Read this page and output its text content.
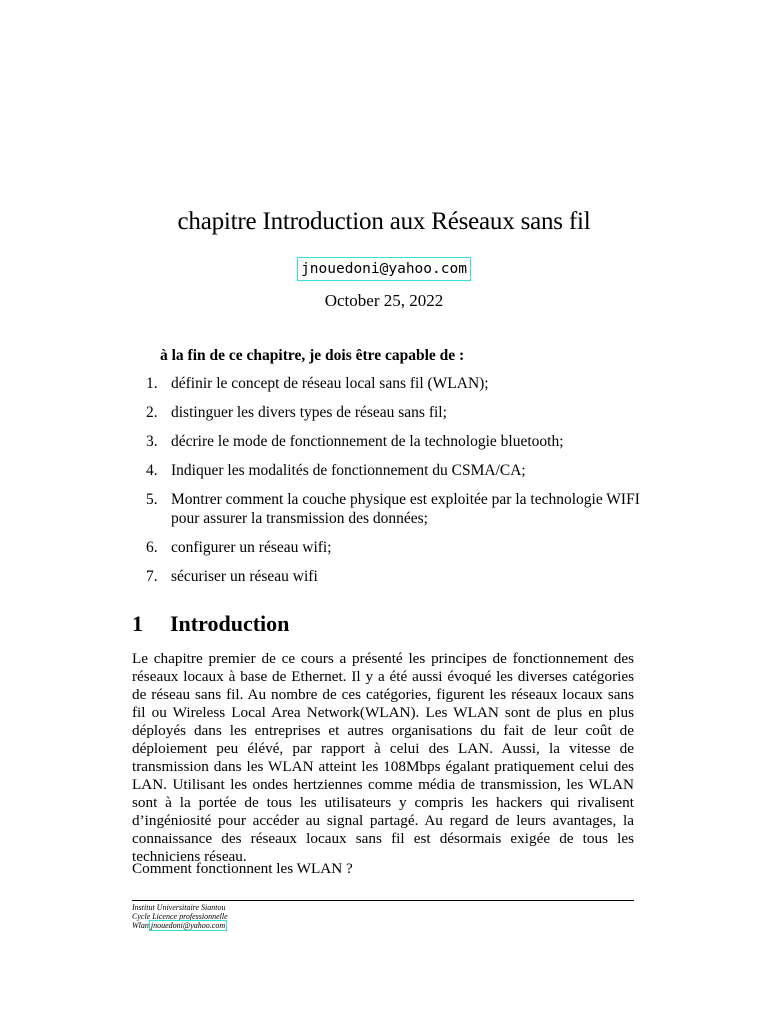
chapitre Introduction aux Réseaux sans fil
jnouedoni@yahoo.com
October 25, 2022
à la fin de ce chapitre, je dois être capable de :
1. définir le concept de réseau local sans fil (WLAN);
2. distinguer les divers types de réseau sans fil;
3. décrire le mode de fonctionnement de la technologie bluetooth;
4. Indiquer les modalités de fonctionnement du CSMA/CA;
5. Montrer comment la couche physique est exploitée par la technologie WIFI pour assurer la transmission des données;
6. configurer un réseau wifi;
7. sécuriser un réseau wifi
1 Introduction
Le chapitre premier de ce cours a présenté les principes de fonctionnement des réseaux locaux à base de Ethernet. Il y a été aussi évoqué les diverses catégories de réseau sans fil. Au nombre de ces catégories, figurent les réseaux locaux sans fil ou Wireless Local Area Network(WLAN). Les WLAN sont de plus en plus déployés dans les entreprises et autres organisations du fait de leur coût de déploiement peu élévé, par rapport à celui des LAN. Aussi, la vitesse de transmission dans les WLAN atteint les 108Mbps égalant pratiquement celui des LAN. Utilisant les ondes hertziennes comme média de transmission, les WLAN sont à la portée de tous les utilisateurs y compris les hackers qui rivalisent d’ingéniosité pour accéder au signal partagé. Au regard de leurs avantages, la connaissance des réseaux locaux sans fil est désormais exigée de tous les techniciens réseau.
Comment fonctionnent les WLAN ?
Institut Universitaire Siantou
Cycle Licence professionnelle
Wlan jnouedoni@yahoo.com
